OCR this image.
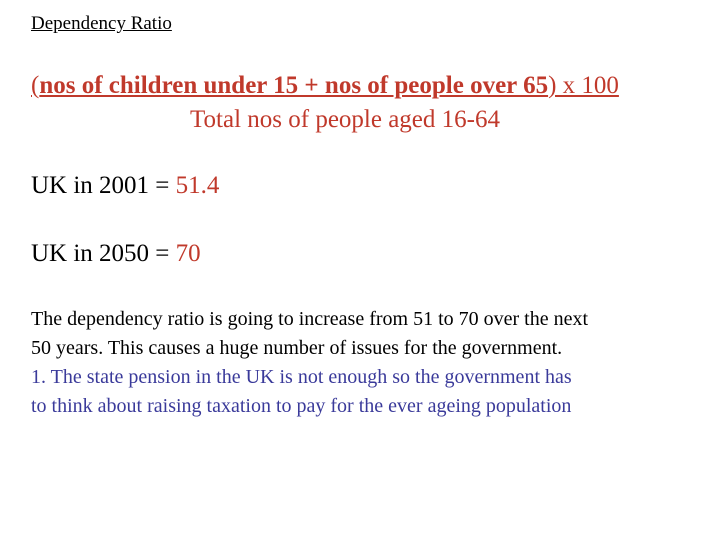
Dependency Ratio
(nos of children under 15 + nos of people over 65) x 100
Total nos of people aged 16-64
UK in 2001 = 51.4
UK in 2050 = 70
The dependency ratio is going to increase from 51 to 70 over the next
50 years. This causes a huge number of issues for the government.
1. The state pension in the UK is not enough so the government has
to think about raising taxation to pay for the ever ageing population
